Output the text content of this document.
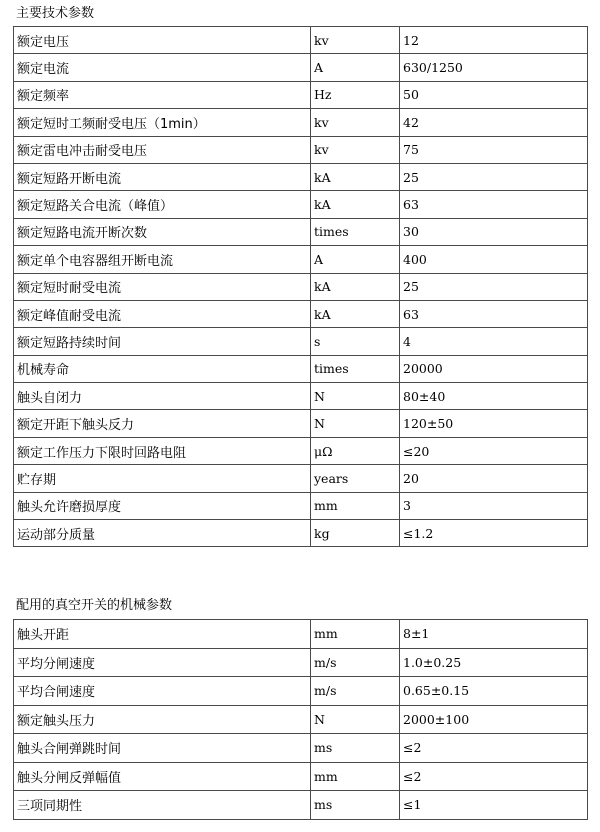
主要技术参数
额定电压	kv	12
额定电流	A	630/1250
额定频率	Hz	50
额定短时工频耐受电压（1min）	kv	42
额定雷电冲击耐受电压	kv	75
额定短路开断电流	kA	25
额定短路关合电流（峰值）	kA	63
额定短路电流开断次数	times	30
额定单个电容器组开断电流	A	400
额定短时耐受电流	kA	25
额定峰值耐受电流	kA	63
额定短路持续时间	s	4
机械寿命	times	20000
触头自闭力	N	80±40
额定开距下触头反力	N	120±50
额定工作压力下限时回路电阻	μΩ	≤20
贮存期	years	20
触头允许磨损厚度	mm	3
运动部分质量	kg	≤1.2
配用的真空开关的机械参数
触头开距	mm	8±1
平均分闸速度	m/s	1.0±0.25
平均合闸速度	m/s	0.65±0.15
额定触头压力	N	2000±100
触头合闸弹跳时间	ms	≤2
触头分闸反弹幅值	mm	≤2
三项同期性	ms	≤1
